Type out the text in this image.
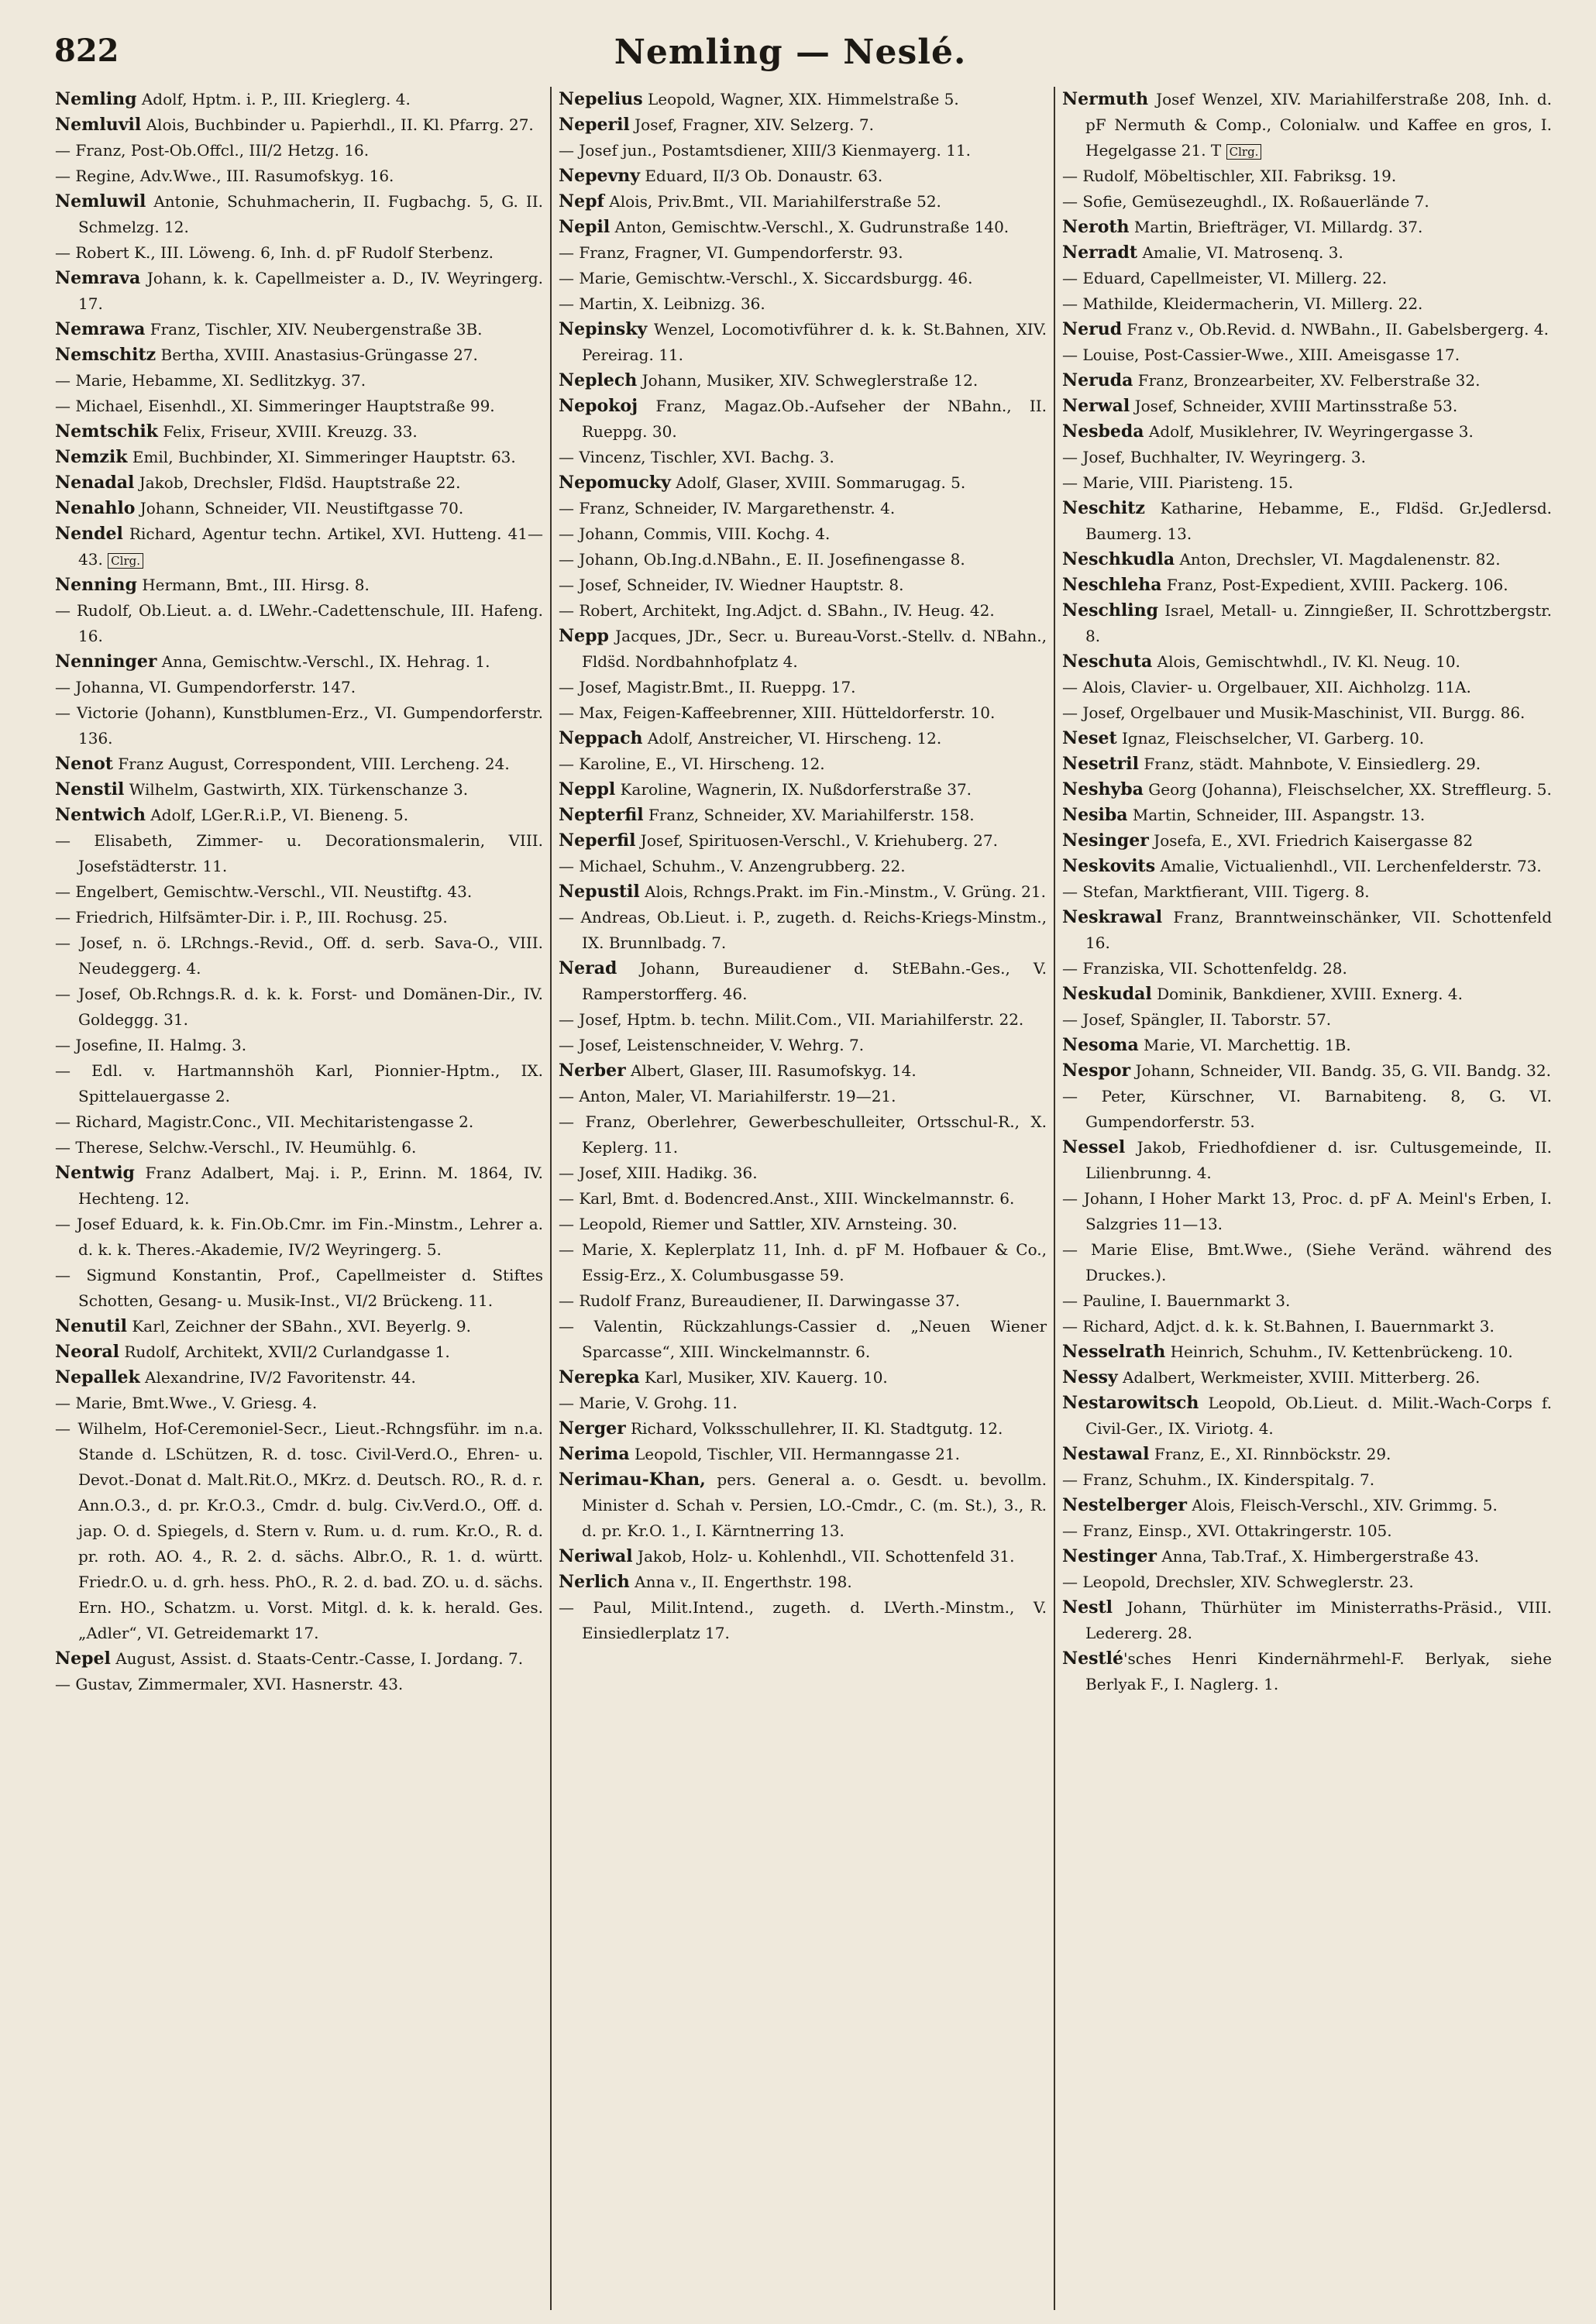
822	Nemling — Neslé.

Nemling Adolf, Hptm. i. P., III. Krieglerg. 4.

Nemluvil Alois, Buchbinder u. Papierhdl., II. Kl. Pfarrg. 27.

— Franz, Post-Ob.Offcl., III/2 Hetzg. 16.

— Regine, Adv.Wwe., III. Rasumofskyg. 16.

Nemluwil Antonie, Schuhmacherin, II. Fugbachg. 5, G. II. Schmelzg. 12.

— Robert K., III. Löweng. 6, Inh. d. pF Rudolf Sterbenz.

Nemrava Johann, k. k. Capellmeister a. D., IV. Weyringerg. 17.

Nemrawa Franz, Tischler, XIV. Neubergenstraße 3B.

Nemschitz Bertha, XVIII. Anastasius-Grüngasse 27.

— Marie, Hebamme, XI. Sedlitzkyg. 37.

— Michael, Eisenhdl., XI. Simmeringer Hauptstraße 99.

Nemtschik Felix, Friseur, XVIII. Kreuzg. 33.

Nemzik Emil, Buchbinder, XI. Simmeringer Hauptstr. 63.

Nenadal Jakob, Drechsler, Flds̈d. Hauptstraße 22.

Nenahlo Johann, Schneider, VII. Neustiftgasse 70.

Nendel Richard, Agentur techn. Artikel, XVI. Hutteng. 41—43. Clrg.

Nenning Hermann, Bmt., III. Hirsg. 8.

— Rudolf, Ob.Lieut. a. d. LWehr.-Cadettenschule, III. Hafeng. 16.

Nenninger Anna, Gemischtw.-Verschl., IX. Hehrag. 1.

— Johanna, VI. Gumpendorferstr. 147.

— Victorie (Johann), Kunstblumen-Erz., VI. Gumpendorferstr. 136.

Nenot Franz August, Correspondent, VIII. Lercheng. 24.

Nenstil Wilhelm, Gastwirth, XIX. Türkenschanze 3.

Nentwich Adolf, LGer.R.i.P., VI. Bieneng. 5.

— Elisabeth, Zimmer- u. Decorationsmalerin, VIII. Josefstädterstr. 11.

— Engelbert, Gemischtw.-Verschl., VII. Neustiftg. 43.

— Friedrich, Hilfsämter-Dir. i. P., III. Rochusg. 25.

— Josef, n. ö. LRchngs.-Revid., Off. d. serb. Sava-O., VIII. Neudeggerg. 4.

— Josef, Ob.Rchngs.R. d. k. k. Forst- und Domänen-Dir., IV. Goldeggg. 31.

— Josefine, II. Halmg. 3.

— Edl. v. Hartmannshöh Karl, Pionnier-Hptm., IX. Spittelauergasse 2.

— Richard, Magistr.Conc., VII. Mechitaristengasse 2.

— Therese, Selchw.-Verschl., IV. Heumühlg. 6.

Nentwig Franz Adalbert, Maj. i. P., Erinn. M. 1864, IV. Hechteng. 12.

— Josef Eduard, k. k. Fin.Ob.Cmr. im Fin.-Minstm., Lehrer a. d. k. k. Theres.-Akademie, IV/2 Weyringerg. 5.

— Sigmund Konstantin, Prof., Capellmeister d. Stiftes Schotten, Gesang- u. Musik-Inst., VI/2 Brückeng. 11.

Nenutil Karl, Zeichner der SBahn., XVI. Beyerlg. 9.

Neoral Rudolf, Architekt, XVII/2 Curlandgasse 1.

Nepallek Alexandrine, IV/2 Favoritenstr. 44.

— Marie, Bmt.Wwe., V. Griesg. 4.

— Wilhelm, Hof-Ceremoniel-Secr., Lieut.-Rchngsführ. im n.a. Stande d. LSchützen, R. d. tosc. Civil-Verd.O., Ehren- u. Devot.-Donat d. Malt.Rit.O., MKrz. d. Deutsch. RO., R. d. r. Ann.O.3., d. pr. Kr.O.3., Cmdr. d. bulg. Civ.Verd.O., Off. d. jap. O. d. Spiegels, d. Stern v. Rum. u. d. rum. Kr.O., R. d. pr. roth. AO. 4., R. 2. d. sächs. Albr.O., R. 1. d. württ. Friedr.O. u. d. grh. hess. PhO., R. 2. d. bad. ZO. u. d. sächs. Ern. HO., Schatzm. u. Vorst. Mitgl. d. k. k. herald. Ges. „Adler“, VI. Getreidemarkt 17.

Nepel August, Assist. d. Staats-Centr.-Casse, I. Jordang. 7.

— Gustav, Zimmermaler, XVI. Hasnerstr. 43.

Nepelius Leopold, Wagner, XIX. Himmelstraße 5.

Neperil Josef, Fragner, XIV. Selzerg. 7.

— Josef jun., Postamtsdiener, XIII/3 Kienmayerg. 11.

Nepevny Eduard, II/3 Ob. Donaustr. 63.

Nepf Alois, Priv.Bmt., VII. Mariahilferstraße 52.

Nepil Anton, Gemischtw.-Verschl., X. Gudrunstraße 140.

— Franz, Fragner, VI. Gumpendorferstr. 93.

— Marie, Gemischtw.-Verschl., X. Siccardsburgg. 46.

— Martin, X. Leibnizg. 36.

Nepinsky Wenzel, Locomotivführer d. k. k. St.Bahnen, XIV. Pereirag. 11.

Neplech Johann, Musiker, XIV. Schweglerstraße 12.

Nepokoj Franz, Magaz.Ob.-Aufseher der NBahn., II. Rueppg. 30.

— Vincenz, Tischler, XVI. Bachg. 3.

Nepomucky Adolf, Glaser, XVIII. Sommarugag. 5.

— Franz, Schneider, IV. Margarethenstr. 4.

— Johann, Commis, VIII. Kochg. 4.

— Johann, Ob.Ing.d.NBahn., E. II. Josefinengasse 8.

— Josef, Schneider, IV. Wiedner Hauptstr. 8.

— Robert, Architekt, Ing.Adjct. d. SBahn., IV. Heug. 42.

Nepp Jacques, JDr., Secr. u. Bureau-Vorst.-Stellv. d. NBahn., Flds̈d. Nordbahnhofplatz 4.

— Josef, Magistr.Bmt., II. Rueppg. 17.

— Max, Feigen-Kaffeebrenner, XIII. Hütteldorferstr. 10.

Neppach Adolf, Anstreicher, VI. Hirscheng. 12.

— Karoline, E., VI. Hirscheng. 12.

Neppl Karoline, Wagnerin, IX. Nußdorferstraße 37.

Nepterfil Franz, Schneider, XV. Mariahilferstr. 158.

Neperfil Josef, Spirituosen-Verschl., V. Kriehuberg. 27.

— Michael, Schuhm., V. Anzengrubberg. 22.

Nepustil Alois, Rchngs.Prakt. im Fin.-Minstm., V. Grüng. 21.

— Andreas, Ob.Lieut. i. P., zugeth. d. Reichs-Kriegs-Minstm., IX. Brunnlbadg. 7.

Nerad Johann, Bureaudiener d. StEBahn.-Ges., V. Ramperstorfferg. 46.

— Josef, Hptm. b. techn. Milit.Com., VII. Mariahilferstr. 22.

— Josef, Leistenschneider, V. Wehrg. 7.

Nerber Albert, Glaser, III. Rasumofskyg. 14.

— Anton, Maler, VI. Mariahilferstr. 19—21.

— Franz, Oberlehrer, Gewerbeschulleiter, Ortsschul-R., X. Keplerg. 11.

— Josef, XIII. Hadikg. 36.

— Karl, Bmt. d. Bodencred.Anst., XIII. Winckelmannstr. 6.

— Leopold, Riemer und Sattler, XIV. Arnsteing. 30.

— Marie, X. Keplerplatz 11, Inh. d. pF M. Hofbauer & Co., Essig-Erz., X. Columbusgasse 59.

— Rudolf Franz, Bureaudiener, II. Darwingasse 37.

— Valentin, Rückzahlungs-Cassier d. „Neuen Wiener Sparcasse“, XIII. Winckelmannstr. 6.

Nerepka Karl, Musiker, XIV. Kauerg. 10.

— Marie, V. Grohg. 11.

Nerger Richard, Volksschullehrer, II. Kl. Stadtgutg. 12.

Nerima Leopold, Tischler, VII. Hermanngasse 21.

Nerimau-Khan, pers. General a. o. Gesdt. u. bevollm. Minister d. Schah v. Persien, LO.-Cmdr., C. (m. St.), 3., R. d. pr. Kr.O. 1., I. Kärntnerring 13.

Neriwal Jakob, Holz- u. Kohlenhdl., VII. Schottenfeld 31.

Nerlich Anna v., II. Engerthstr. 198.

— Paul, Milit.Intend., zugeth. d. LVerth.-Minstm., V. Einsiedlerplatz 17.

Nermuth Josef Wenzel, XIV. Mariahilferstraße 208, Inh. d. pF Nermuth & Comp., Colonialw. und Kaffee en gros, I. Hegelgasse 21. T Clrg.

— Rudolf, Möbeltischler, XII. Fabriksg. 19.

— Sofie, Gemüsezeughdl., IX. Roßauerlände 7.

Neroth Martin, Briefträger, VI. Millardg. 37.

Nerradt Amalie, VI. Matrosenq. 3.

— Eduard, Capellmeister, VI. Millerg. 22.

— Mathilde, Kleidermacherin, VI. Millerg. 22.

Nerud Franz v., Ob.Revid. d. NWBahn., II. Gabelsbergerg. 4.

— Louise, Post-Cassier-Wwe., XIII. Ameisgasse 17.

Neruda Franz, Bronzearbeiter, XV. Felberstraße 32.

Nerwal Josef, Schneider, XVIII Martinsstraße 53.

Nesbeda Adolf, Musiklehrer, IV. Weyringergasse 3.

— Josef, Buchhalter, IV. Weyringerg. 3.

— Marie, VIII. Piaristeng. 15.

Neschitz Katharine, Hebamme, E., Flds̈d. Gr.Jedlersd. Baumerg. 13.

Neschkudla Anton, Drechsler, VI. Magdalenenstr. 82.

Neschleha Franz, Post-Expedient, XVIII. Packerg. 106.

Neschling Israel, Metall- u. Zinngießer, II. Schrottzbergstr. 8.

Neschuta Alois, Gemischtwhdl., IV. Kl. Neug. 10.

— Alois, Clavier- u. Orgelbauer, XII. Aichholzg. 11A.

— Josef, Orgelbauer und Musik-Maschinist, VII. Burgg. 86.

Neset Ignaz, Fleischselcher, VI. Garberg. 10.

Nesetril Franz, städt. Mahnbote, V. Einsiedlerg. 29.

Neshyba Georg (Johanna), Fleischselcher, XX. Streffleurg. 5.

Nesiba Martin, Schneider, III. Aspangstr. 13.

Nesinger Josefa, E., XVI. Friedrich Kaisergasse 82

Neskovits Amalie, Victualienhdl., VII. Lerchenfelderstr. 73.

— Stefan, Marktfierant, VIII. Tigerg. 8.

Neskrawal Franz, Branntweinschänker, VII. Schottenfeld 16.

— Franziska, VII. Schottenfeldg. 28.

Neskudal Dominik, Bankdiener, XVIII. Exnerg. 4.

— Josef, Spängler, II. Taborstr. 57.

Nesoma Marie, VI. Marchettig. 1B.

Nespor Johann, Schneider, VII. Bandg. 35, G. VII. Bandg. 32.

— Peter, Kürschner, VI. Barnabiteng. 8, G. VI. Gumpendorferstr. 53.

Nessel Jakob, Friedhofdiener d. isr. Cultusgemeinde, II. Lilienbrunng. 4.

— Johann, I Hoher Markt 13, Proc. d. pF A. Meinl's Erben, I. Salzgries 11—13.

— Marie Elise, Bmt.Wwe., (Siehe Veränd. während des Druckes.).

— Pauline, I. Bauernmarkt 3.

— Richard, Adjct. d. k. k. St.Bahnen, I. Bauernmarkt 3.

Nesselrath Heinrich, Schuhm., IV. Kettenbrückeng. 10.

Nessy Adalbert, Werkmeister, XVIII. Mitterberg. 26.

Nestarowitsch Leopold, Ob.Lieut. d. Milit.-Wach-Corps f. Civil-Ger., IX. Viriotg. 4.

Nestawal Franz, E., XI. Rinnböckstr. 29.

— Franz, Schuhm., IX. Kinderspitalg. 7.

Nestelberger Alois, Fleisch-Verschl., XIV. Grimmg. 5.

— Franz, Einsp., XVI. Ottakringerstr. 105.

Nestinger Anna, Tab.Traf., X. Himbergerstraße 43.

— Leopold, Drechsler, XIV. Schweglerstr. 23.

Nestl Johann, Thürhüter im Ministerraths-Präsid., VIII. Ledererg. 28.

Nestlé'sches Henri Kindernährmehl-F. Berlyak, siehe Berlyak F., I. Naglerg. 1.
